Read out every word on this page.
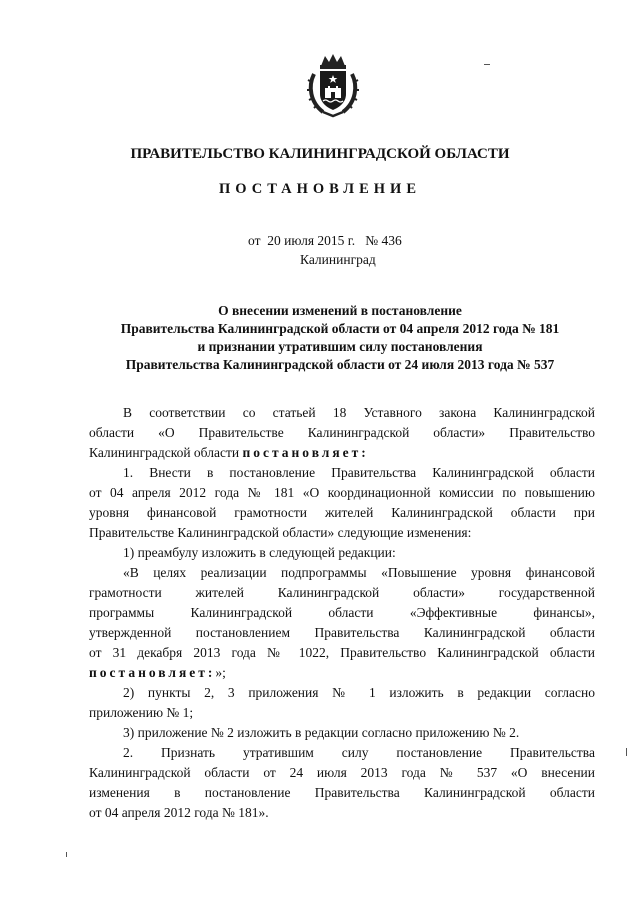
ПРАВИТЕЛЬСТВО КАЛИНИНГРАДСКОЙ ОБЛАСТИ
ПОСТАНОВЛЕНИЕ
от 20 июля 2015 г. № 436
Калининград
О внесении изменений в постановление
Правительства Калининградской области от 04 апреля 2012 года № 181
и признании утратившим силу постановления
Правительства Калининградской области от 24 июля 2013 года № 537
В соответствии со статьей 18 Уставного закона Калининградской
области «О Правительстве Калининградской области» Правительство
Калининградской области постановляет:
1. Внести в постановление Правительства Калининградской области
от 04 апреля 2012 года № 181 «О координационной комиссии по повышению
уровня финансовой грамотности жителей Калининградской области при
Правительстве Калининградской области» следующие изменения:
1) преамбулу изложить в следующей редакции:
«В целях реализации подпрограммы «Повышение уровня финансовой
грамотности жителей Калининградской области» государственной
программы Калининградской области «Эффективные финансы»,
утвержденной постановлением Правительства Калининградской области
от 31 декабря 2013 года № 1022, Правительство Калининградской области
постановляет:»;
2) пункты 2, 3 приложения № 1 изложить в редакции согласно
приложению № 1;
3) приложение № 2 изложить в редакции согласно приложению № 2.
2. Признать утратившим силу постановление Правительства
Калининградской области от 24 июля 2013 года № 537 «О внесении
изменения в постановление Правительства Калининградской области
от 04 апреля 2012 года № 181».
